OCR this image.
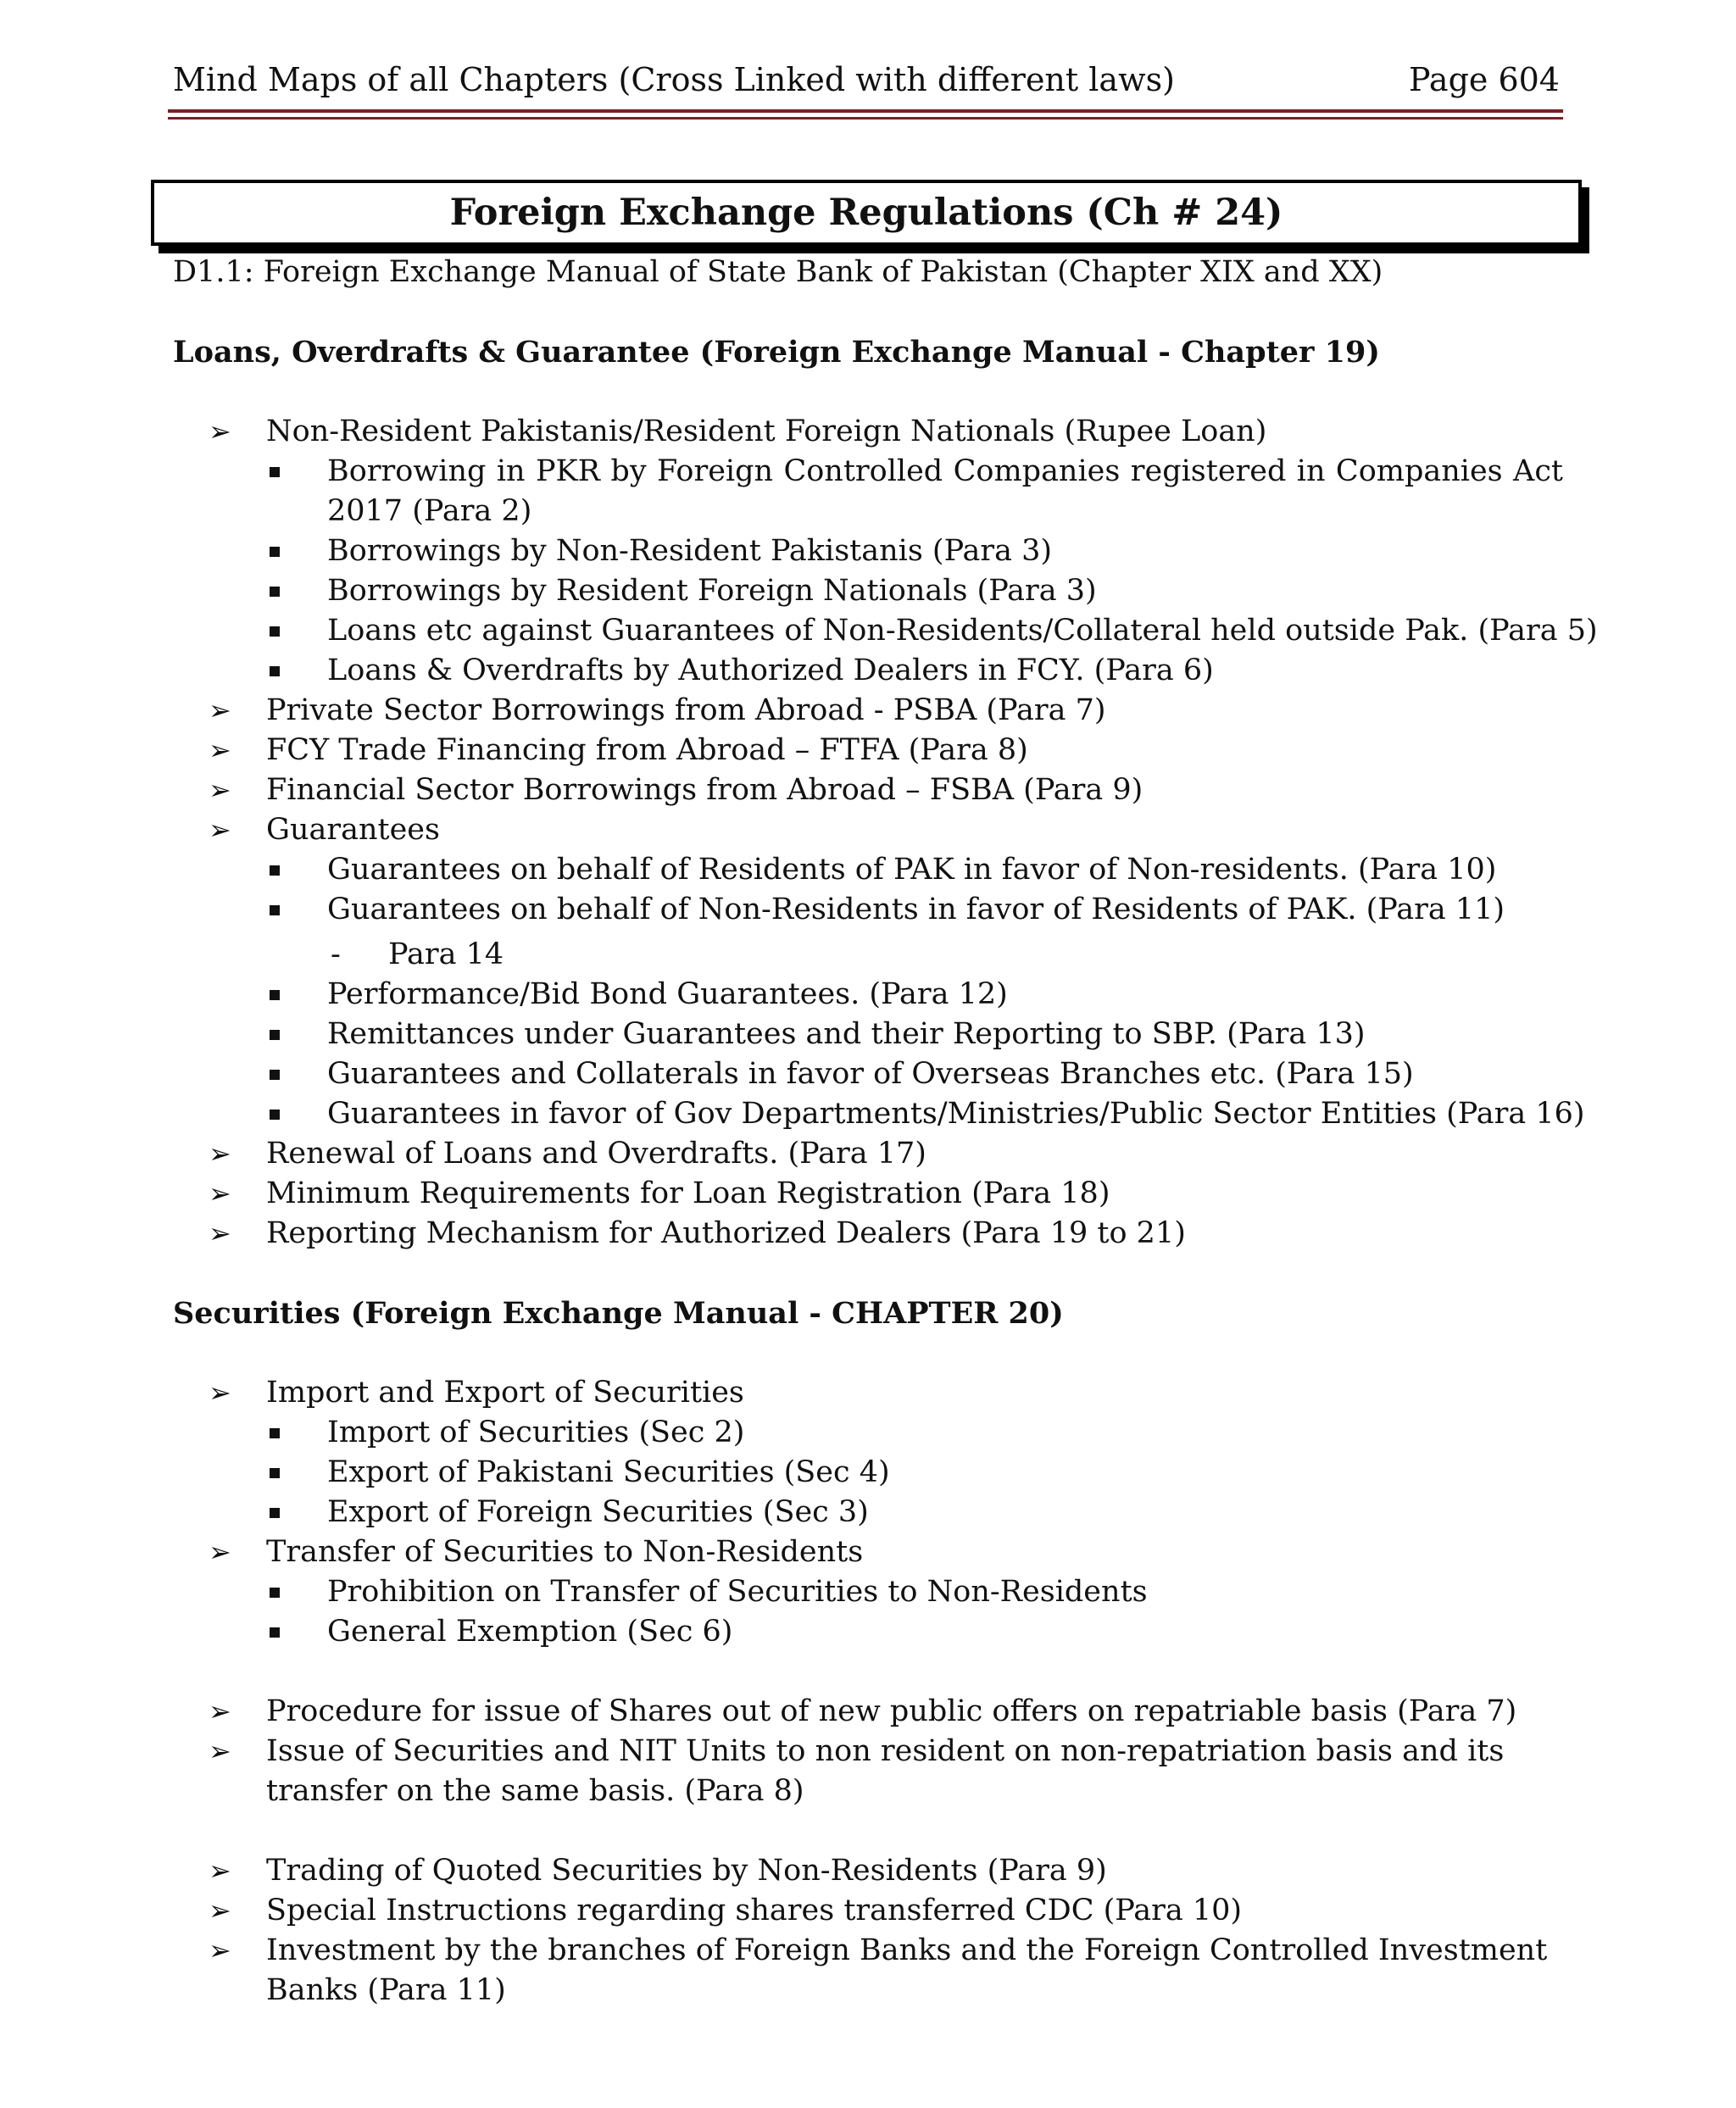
Mind Maps of all Chapters (Cross Linked with different laws)	Page 604
Foreign Exchange Regulations (Ch # 24)
D1.1: Foreign Exchange Manual of State Bank of Pakistan (Chapter XIX and XX)
Loans, Overdrafts & Guarantee (Foreign Exchange Manual - Chapter 19)
➢ Non-Resident Pakistanis/Resident Foreign Nationals (Rupee Loan)
Borrowing in PKR by Foreign Controlled Companies registered in Companies Act
2017 (Para 2)
Borrowings by Non-Resident Pakistanis (Para 3)
Borrowings by Resident Foreign Nationals (Para 3)
Loans etc against Guarantees of Non-Residents/Collateral held outside Pak. (Para 5)
Loans & Overdrafts by Authorized Dealers in FCY. (Para 6)
➢ Private Sector Borrowings from Abroad - PSBA (Para 7)
➢ FCY Trade Financing from Abroad – FTFA (Para 8)
➢ Financial Sector Borrowings from Abroad – FSBA (Para 9)
➢ Guarantees
Guarantees on behalf of Residents of PAK in favor of Non-residents. (Para 10)
Guarantees on behalf of Non-Residents in favor of Residents of PAK. (Para 11)
- Para 14
Performance/Bid Bond Guarantees. (Para 12)
Remittances under Guarantees and their Reporting to SBP. (Para 13)
Guarantees and Collaterals in favor of Overseas Branches etc. (Para 15)
Guarantees in favor of Gov Departments/Ministries/Public Sector Entities (Para 16)
➢ Renewal of Loans and Overdrafts. (Para 17)
➢ Minimum Requirements for Loan Registration (Para 18)
➢ Reporting Mechanism for Authorized Dealers (Para 19 to 21)
Securities (Foreign Exchange Manual - CHAPTER 20)
➢ Import and Export of Securities
Import of Securities (Sec 2)
Export of Pakistani Securities (Sec 4)
Export of Foreign Securities (Sec 3)
➢ Transfer of Securities to Non-Residents
Prohibition on Transfer of Securities to Non-Residents
General Exemption (Sec 6)
➢ Procedure for issue of Shares out of new public offers on repatriable basis (Para 7)
➢ Issue of Securities and NIT Units to non resident on non-repatriation basis and its
transfer on the same basis. (Para 8)
➢ Trading of Quoted Securities by Non-Residents (Para 9)
➢ Special Instructions regarding shares transferred CDC (Para 10)
➢ Investment by the branches of Foreign Banks and the Foreign Controlled Investment
Banks (Para 11)
